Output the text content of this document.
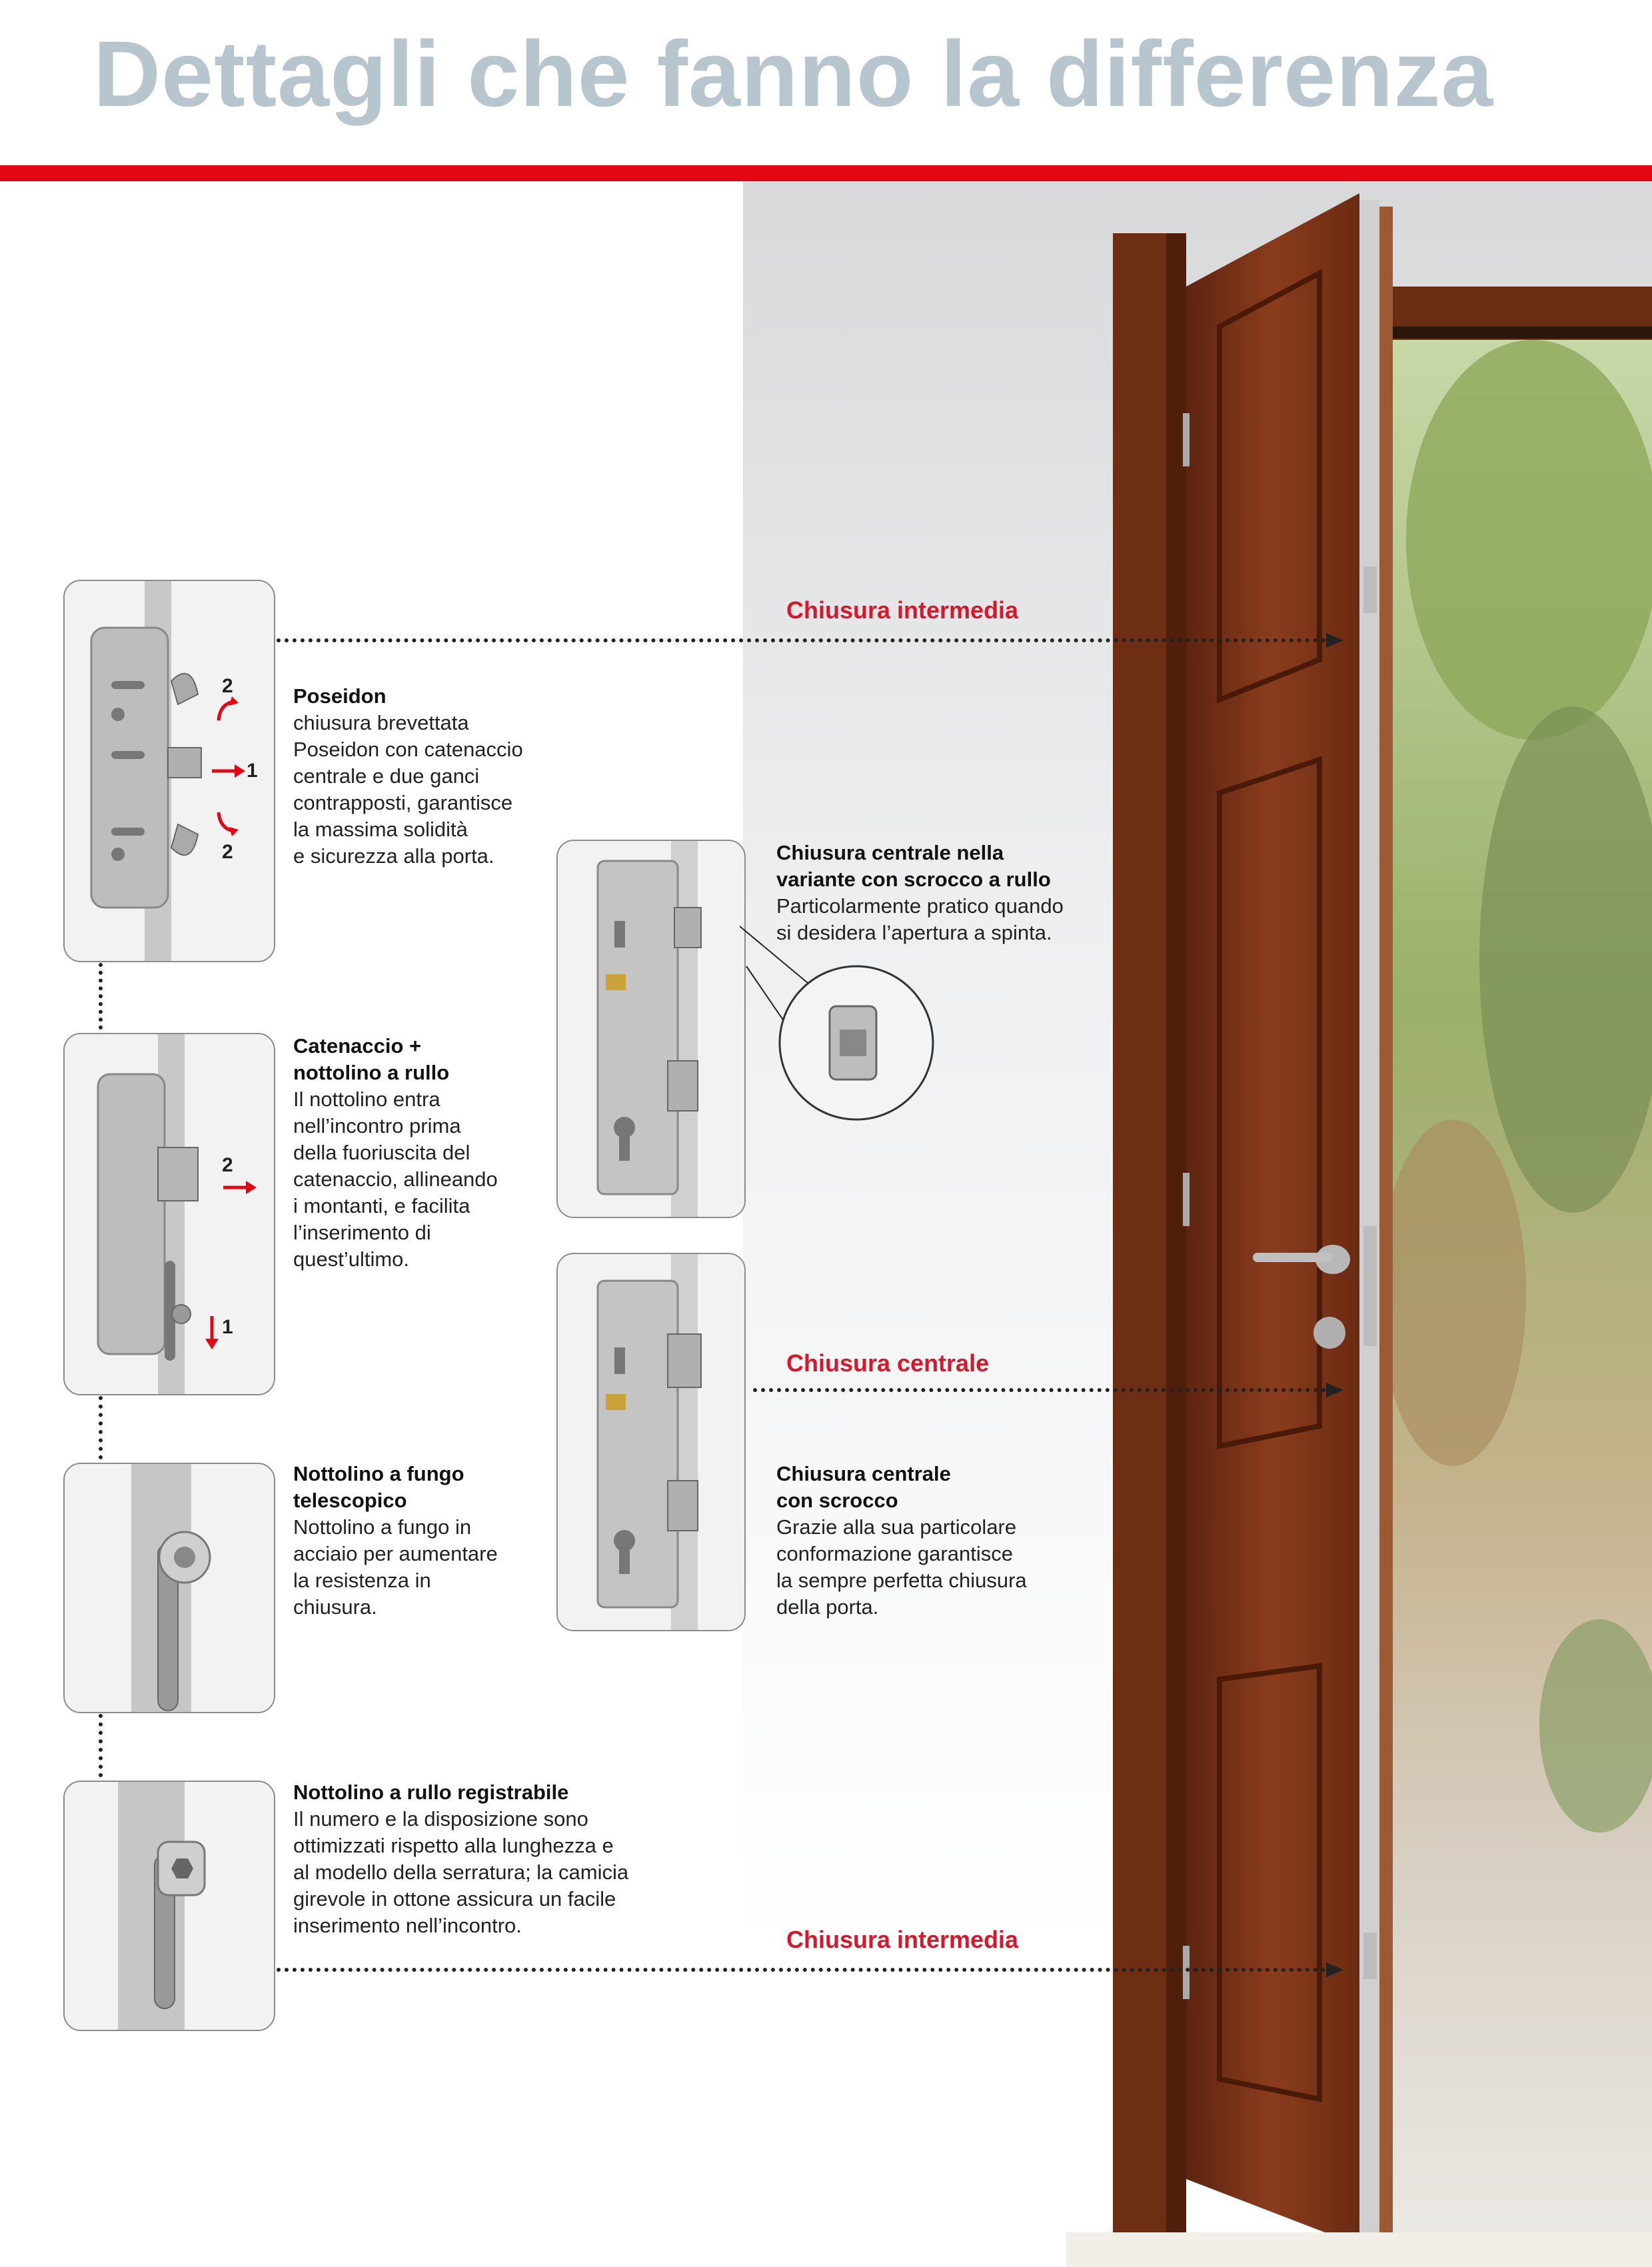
Dettagli che fanno la differenza
2
1
2
Poseidon
chiusura brevettata
Poseidon con catenaccio
centrale e due ganci
contrapposti, garantisce
la massima solidità
e sicurezza alla porta.
2
1
Catenaccio +
nottolino a rullo
Il nottolino entra
nell’incontro prima
della fuoriuscita del
catenaccio, allineando
i montanti, e facilita
l’inserimento di
quest’ultimo.
Nottolino a fungo
telescopico
Nottolino a fungo in
acciaio per aumentare
la resistenza in
chiusura.
Nottolino a rullo registrabile
Il numero e la disposizione sono
ottimizzati rispetto alla lunghezza e
al modello della serratura; la camicia
girevole in ottone assicura un facile
inserimento nell’incontro.
Chiusura centrale nella
variante con scrocco a rullo
Particolarmente pratico quando
si desidera l’apertura a spinta.
Chiusura centrale
con scrocco
Grazie alla sua particolare
conformazione garantisce
la sempre perfetta chiusura
della porta.
Chiusura intermedia
Chiusura centrale
Chiusura intermedia
